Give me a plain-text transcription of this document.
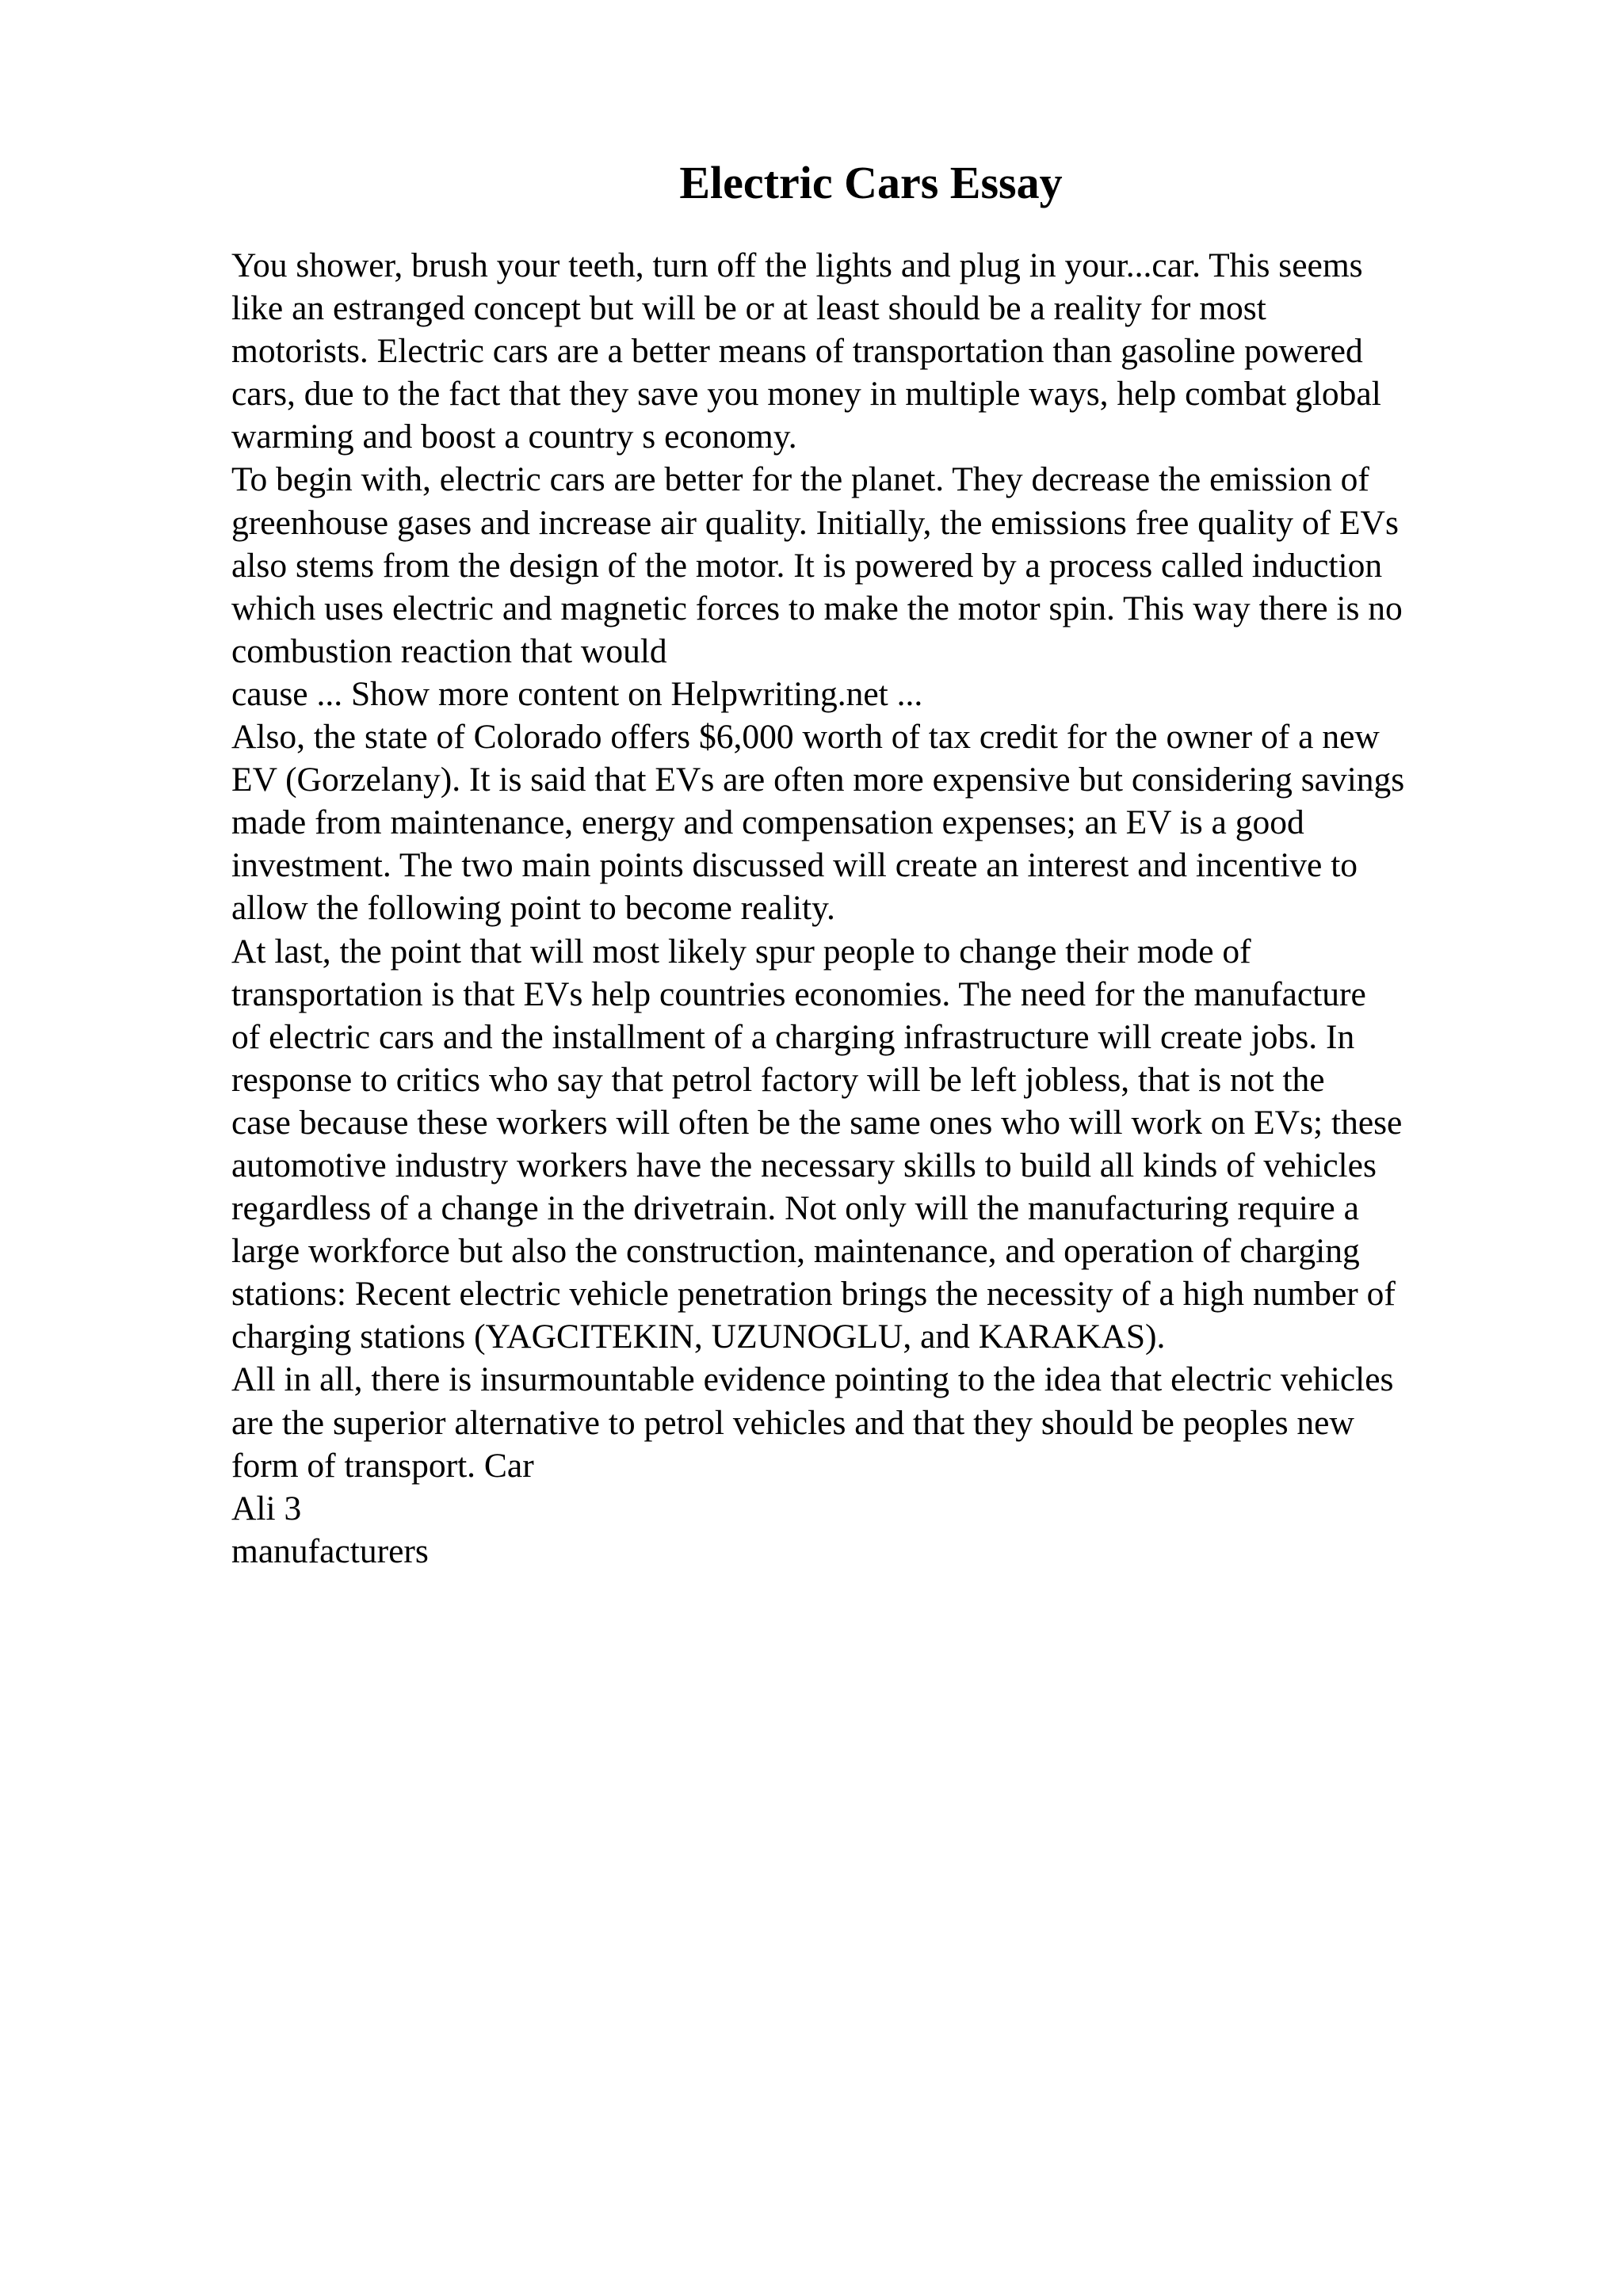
Electric Cars Essay
You shower, brush your teeth, turn off the lights and plug in your...car. This seems
like an estranged concept but will be or at least should be a reality for most
motorists. Electric cars are a better means of transportation than gasoline powered
cars, due to the fact that they save you money in multiple ways, help combat global
warming and boost a country s economy.
To begin with, electric cars are better for the planet. They decrease the emission of
greenhouse gases and increase air quality. Initially, the emissions free quality of EVs
also stems from the design of the motor. It is powered by a process called induction
which uses electric and magnetic forces to make the motor spin. This way there is no
combustion reaction that would
cause ... Show more content on Helpwriting.net ...
Also, the state of Colorado offers $6,000 worth of tax credit for the owner of a new
EV (Gorzelany). It is said that EVs are often more expensive but considering savings
made from maintenance, energy and compensation expenses; an EV is a good
investment. The two main points discussed will create an interest and incentive to
allow the following point to become reality.
At last, the point that will most likely spur people to change their mode of
transportation is that EVs help countries economies. The need for the manufacture
of electric cars and the installment of a charging infrastructure will create jobs. In
response to critics who say that petrol factory will be left jobless, that is not the
case because these workers will often be the same ones who will work on EVs; these
automotive industry workers have the necessary skills to build all kinds of vehicles
regardless of a change in the drivetrain. Not only will the manufacturing require a
large workforce but also the construction, maintenance, and operation of charging
stations: Recent electric vehicle penetration brings the necessity of a high number of
charging stations (YAGCITEKIN, UZUNOGLU, and KARAKAS).
All in all, there is insurmountable evidence pointing to the idea that electric vehicles
are the superior alternative to petrol vehicles and that they should be peoples new
form of transport. Car
Ali 3
manufacturers
